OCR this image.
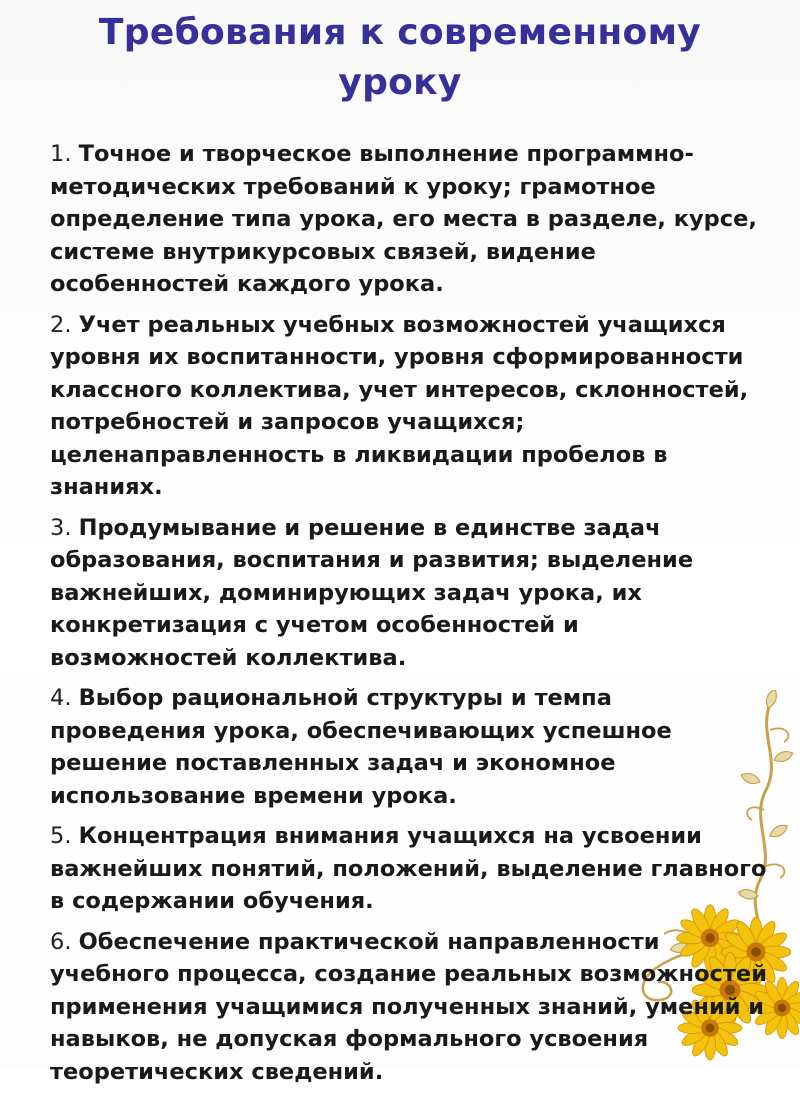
Требования к современному
уроку

1. Точное и творческое выполнение программно-методических требований к уроку; грамотное определение типа урока, его места в разделе, курсе, системе внутрикурсовых связей, видение особенностей каждого урока.

2. Учет реальных учебных возможностей учащихся уровня их воспитанности, уровня сформированности классного коллектива, учет интересов, склонностей, потребностей и запросов учащихся; целенаправленность в ликвидации пробелов в знаниях.

3. Продумывание и решение в единстве задач образования, воспитания и развития; выделение важнейших, доминирующих задач урока, их конкретизация с учетом особенностей и возможностей коллектива.

4. Выбор рациональной структуры и темпа проведения урока, обеспечивающих успешное решение поставленных задач и экономное использование времени урока.

5. Концентрация внимания учащихся на усвоении важнейших понятий, положений, выделение главного в содержании обучения.

6. Обеспечение практической направленности учебного процесса, создание реальных возможностей применения учащимися полученных знаний, умений и навыков, не допуская формального усвоения теоретических сведений.
